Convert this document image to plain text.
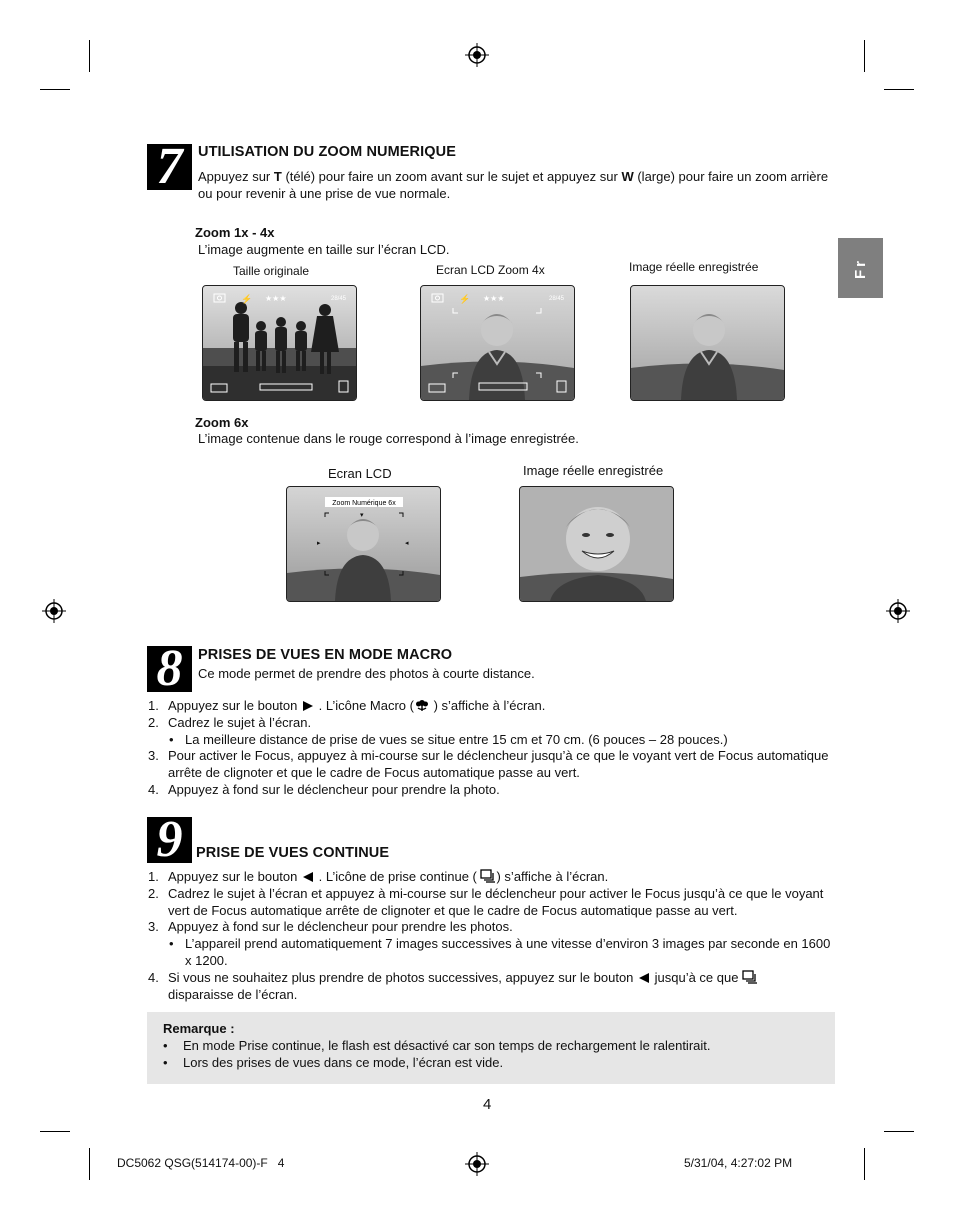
Fr
7	UTILISATION DU ZOOM NUMERIQUE
Appuyez sur T (télé) pour faire un zoom avant sur le sujet et appuyez sur W (large) pour faire un zoom arrière ou pour revenir à une prise de vue normale.
Zoom 1x - 4x
L’image augmente en taille sur l’écran LCD.
Taille originale	Ecran LCD Zoom 4x	Image réelle enregistrée
⚡ ★★★	28/45	⚡ ★★★	28/45
Zoom 6x
L’image contenue dans le rouge correspond à l’image enregistrée.
Ecran LCD	Image réelle enregistrée
Zoom Numérique 6x
▸	◂
▾
8	PRISES DE VUES EN MODE MACRO
Ce mode permet de prendre des photos à courte distance.
1. Appuyez sur le bouton  . L’icône Macro ( ) s’affiche à l’écran.
2. Cadrez le sujet à l’écran.
• La meilleure distance de prise de vues se situe entre 15 cm et 70 cm. (6 pouces – 28 pouces.)
3. Pour activer le Focus, appuyez à mi-course sur le déclencheur jusqu’à ce que le voyant vert de Focus automatique arrête de clignoter et que le cadre de Focus automatique passe au vert.
4. Appuyez à fond sur le déclencheur pour prendre la photo.
9 PRISE DE VUES CONTINUE
1. Appuyez sur le bouton  . L’icône de prise continue ( ) s’affiche à l’écran.
2. Cadrez le sujet à l’écran et appuyez à mi-course sur le déclencheur pour activer le Focus jusqu’à ce que le voyant vert de Focus automatique arrête de clignoter et que le cadre de Focus automatique passe au vert.
3. Appuyez à fond sur le déclencheur pour prendre les photos.
• L’appareil prend automatiquement 7 images successives à une vitesse d’environ 3 images par seconde en 1600 x 1200.
4. Si vous ne souhaitez plus prendre de photos successives, appuyez sur le bouton  jusqu’à ce que
disparaisse de l’écran.
Remarque :
• En mode Prise continue, le flash est désactivé car son temps de rechargement le ralentirait.
• Lors des prises de vues dans ce mode, l’écran est vide.
4
DC5062 QSG(514174-00)-F   4	5/31/04, 4:27:02 PM
